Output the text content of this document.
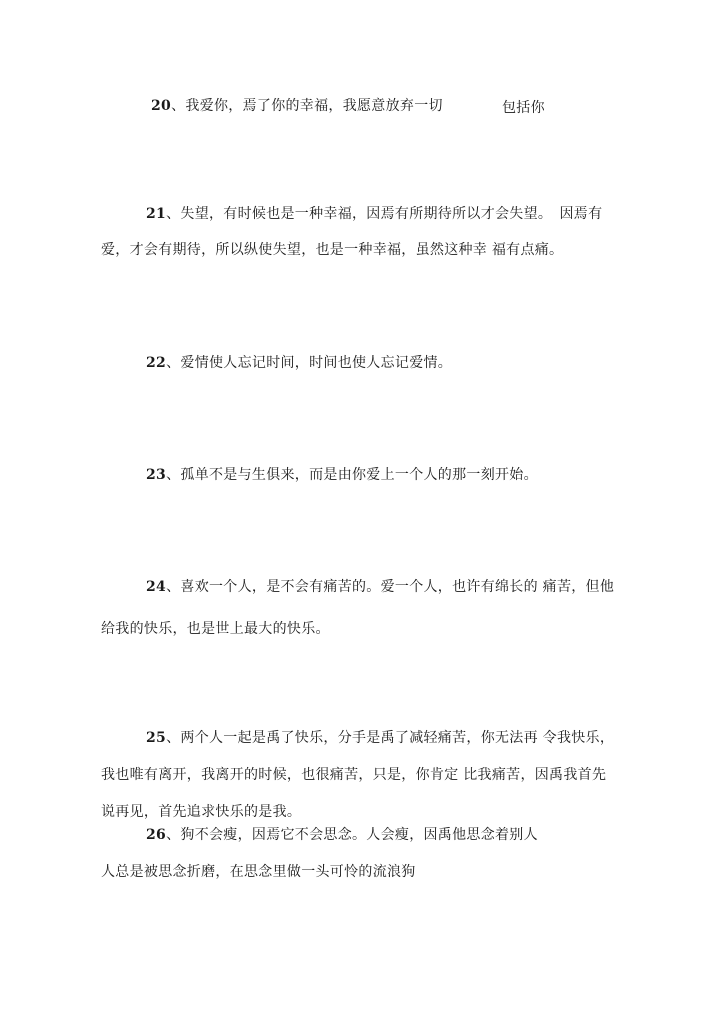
20、我爱你，焉了你的幸福，我愿意放弃一切	包括你
21、失望，有时候也是一种幸福，因焉有所期待所以才会失望。　因焉有
爱，才会有期待，所以纵使失望，也是一种幸福，虽然这种幸 福有点痛。
22、爱情使人忘记时间，时间也使人忘记爱情。
23、孤单不是与生俱来，而是由你爱上一个人的那一刻开始。
24、喜欢一个人，是不会有痛苦的。爱一个人，也许有绵长的 痛苦，但他
给我的快乐，也是世上最大的快乐。
25、两个人一起是禹了快乐，分手是禹了减轻痛苦，你无法再 令我快乐，
我也唯有离开，我离开的时候，也很痛苦，只是，你肯定 比我痛苦，因禹我首先
说再见，首先追求快乐的是我。
26、狗不会瘦，因焉它不会思念。人会瘦，因禹他思念着别人
人总是被思念折磨，在思念里做一头可怜的流浪狗
